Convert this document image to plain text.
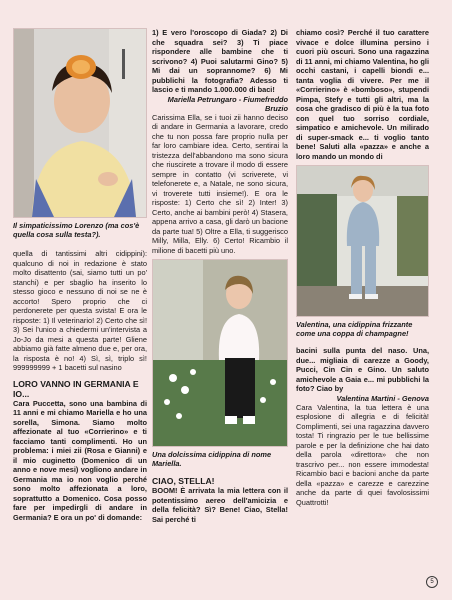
Il simpaticissimo Lorenzo (ma cos'è quella cosa sulla testa?).

quella di tantissimi altri cidippini): qualcuno di noi in redazione è stato molto disattento (sai, siamo tutti un po' stanchi) e per sbaglio ha inserito lo stesso gioco e nessuno di noi se ne è accorto! Spero proprio che ci perdonerete per questa svista! E ora le risposte: 1) Il veterinario! 2) Certo che sì! 3) Sei l'unico a chiedermi un'intervista a Jo-Jo da mesi a questa parte! Gliene abbiamo già fatte almeno due e, per ora, la risposta è no! 4) Sì, sì, triplo sì! 999999999 + 1 bacetti sul nasino

LORO VANNO IN GERMANIA E IO...

Cara Puccetta, sono una bambina di 11 anni e mi chiamo Mariella e ho una sorella, Simona. Siamo molto affezionate al tuo «Corrierino» e ti facciamo tanti complimenti. Ho un problema: i miei zii (Rosa e Gianni) e il mio cuginetto (Domenico di un anno e nove mesi) vogliono andare in Germania ma io non voglio perché sono molto affezionata a loro, soprattutto a Domenico. Cosa posso fare per impedirgli di andare in Germania? E ora un po' di domande:

1) E vero l'oroscopo di Giada? 2) Di che squadra sei? 3) Ti piace rispondere alle bambine che ti scrivono? 4) Puoi salutarmi Gino? 5) Mi dai un soprannome? 6) Mi pubblichi la fotografia? Adesso ti lascio e ti mando 1.000.000 di baci!

Mariella Petrungaro - Fiumefreddo Bruzio

Carissima Ella, se i tuoi zii hanno deciso di andare in Germania a lavorare, credo che tu non possa fare proprio nulla per far loro cambiare idea. Certo, sentirai la tristezza dell'abbandono ma sono sicura che riuscirete a trovare il modo di essere sempre in contatto (vi scriverete, vi telefonerete e, a Natale, ne sono sicura, vi troverete tutti insieme!). E ora le risposte: 1) Certo che sì! 2) Inter! 3) Certo, anche ai bambini però! 4) Stasera, appena arrivo a casa, gli darò un bacione da parte tua! 5) Oltre a Ella, ti suggerisco Milly, Milla, Elly. 6) Certo! Ricambio il milione di bacetti più uno.

Una dolcissima cidippina di nome Mariella.
CIAO, STELLA!

BOOM! È arrivata la mia lettera con il potentissimo aereo dell'amicizia e della felicità? Sì? Bene! Ciao, Stella! Sai perché ti

chiamo così? Perché il tuo carattere vivace e dolce illumina persino i cuori più oscuri. Sono una ragazzina di 11 anni, mi chiamo Valentina, ho gli occhi castani, i capelli biondi e... tanta voglia di vivere. Per me il «Corrierino» è «bomboso», stupendi Pimpa, Stefy e tutti gli altri, ma la cosa che gradisco di più è la tua foto con quel tuo sorriso cordiale, simpatico e amichevole. Un milirado di super-smack e... ti voglio tanto bene! Saluti alla «pazza» e anche a loro mando un mondo di

Valentina, una cidippina frizzante come una coppa di champagne!

bacini sulla punta del naso. Una, due... migliaia di carezze a Goody, Pucci, Cin Cin e Gino. Un saluto amichevole a Gaia e... mi pubblichi la foto? Ciao by

Valentina Martini - Genova

Cara Valentina, la tua lettera è una esplosione di allegria e di felicità! Complimenti, sei una ragazzina davvero tosta! Ti ringrazio per le tue bellissime parole e per la definizione che hai dato della parola «direttora» che non trascrivo per... non essere immodesta! Ricambio baci e bacioni anche da parte della «pazza» e carezze e carezzine anche da parte di quei favolosissimi Quattrotti!

5
